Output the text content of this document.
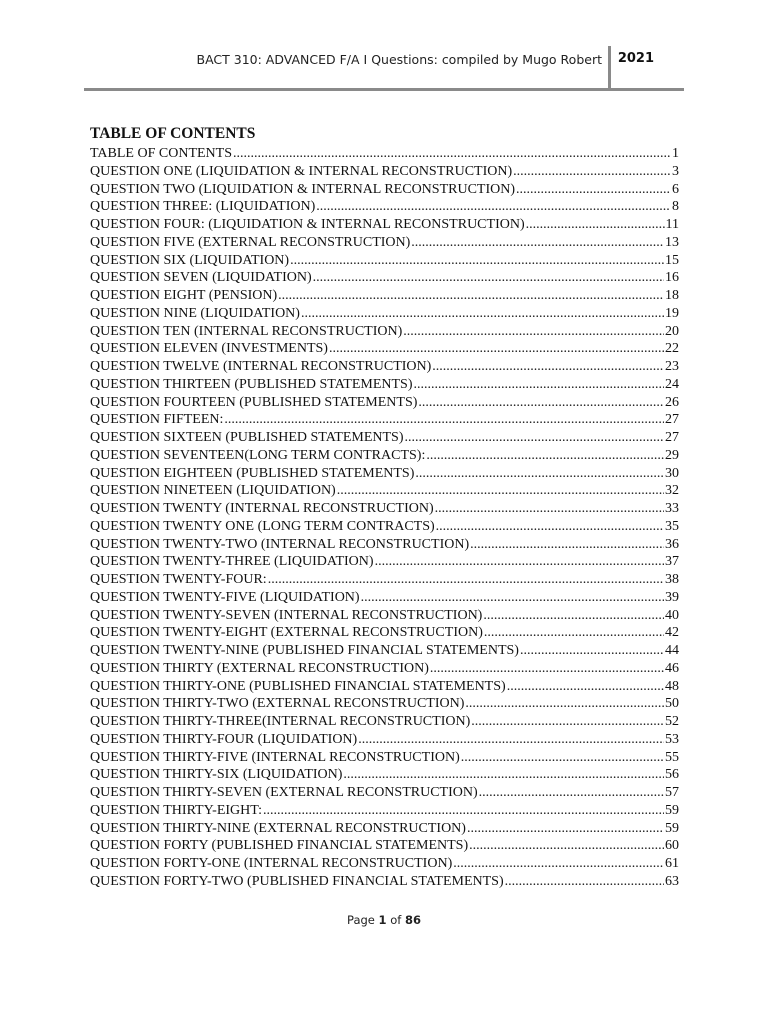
BACT 310: ADVANCED F/A I Questions: compiled by Mugo Robert 2021
TABLE OF CONTENTS
TABLE OF CONTENTS .....	1
QUESTION ONE (LIQUIDATION & INTERNAL RECONSTRUCTION) .....	3
QUESTION TWO (LIQUIDATION & INTERNAL RECONSTRUCTION) .....	6
QUESTION THREE: (LIQUIDATION) .....	8
QUESTION FOUR: (LIQUIDATION & INTERNAL RECONSTRUCTION) .....	11
QUESTION FIVE (EXTERNAL RECONSTRUCTION) .....	13
QUESTION SIX (LIQUIDATION) .....	15
QUESTION SEVEN (LIQUIDATION) .....	16
QUESTION EIGHT (PENSION) .....	18
QUESTION NINE (LIQUIDATION) .....	19
QUESTION TEN (INTERNAL RECONSTRUCTION) .....	20
QUESTION ELEVEN (INVESTMENTS) .....	22
QUESTION TWELVE (INTERNAL RECONSTRUCTION) .....	23
QUESTION THIRTEEN (PUBLISHED STATEMENTS) .....	24
QUESTION FOURTEEN (PUBLISHED STATEMENTS) .....	26
QUESTION FIFTEEN: .....	27
QUESTION SIXTEEN (PUBLISHED STATEMENTS) .....	27
QUESTION SEVENTEEN(LONG TERM CONTRACTS): .....	29
QUESTION EIGHTEEN (PUBLISHED STATEMENTS) .....	30
QUESTION NINETEEN (LIQUIDATION) .....	32
QUESTION TWENTY (INTERNAL RECONSTRUCTION) .....	33
QUESTION TWENTY ONE (LONG TERM CONTRACTS) .....	35
QUESTION TWENTY-TWO (INTERNAL RECONSTRUCTION) .....	36
QUESTION TWENTY-THREE (LIQUIDATION) .....	37
QUESTION TWENTY-FOUR: .....	38
QUESTION TWENTY-FIVE (LIQUIDATION) .....	39
QUESTION TWENTY-SEVEN (INTERNAL RECONSTRUCTION) .....	40
QUESTION TWENTY-EIGHT (EXTERNAL RECONSTRUCTION) .....	42
QUESTION TWENTY-NINE (PUBLISHED FINANCIAL STATEMENTS) .....	44
QUESTION THIRTY (EXTERNAL RECONSTRUCTION) .....	46
QUESTION THIRTY-ONE (PUBLISHED FINANCIAL STATEMENTS) .....	48
QUESTION THIRTY-TWO (EXTERNAL RECONSTRUCTION) .....	50
QUESTION THIRTY-THREE(INTERNAL RECONSTRUCTION) .....	52
QUESTION THIRTY-FOUR (LIQUIDATION) .....	53
QUESTION THIRTY-FIVE (INTERNAL RECONSTRUCTION) .....	55
QUESTION THIRTY-SIX (LIQUIDATION) .....	56
QUESTION THIRTY-SEVEN (EXTERNAL RECONSTRUCTION) .....	57
QUESTION THIRTY-EIGHT: .....	59
QUESTION THIRTY-NINE (EXTERNAL RECONSTRUCTION) .....	59
QUESTION FORTY (PUBLISHED FINANCIAL STATEMENTS) .....	60
QUESTION FORTY-ONE (INTERNAL RECONSTRUCTION) .....	61
QUESTION FORTY-TWO (PUBLISHED FINANCIAL STATEMENTS) .....	63
Page 1 of 86
